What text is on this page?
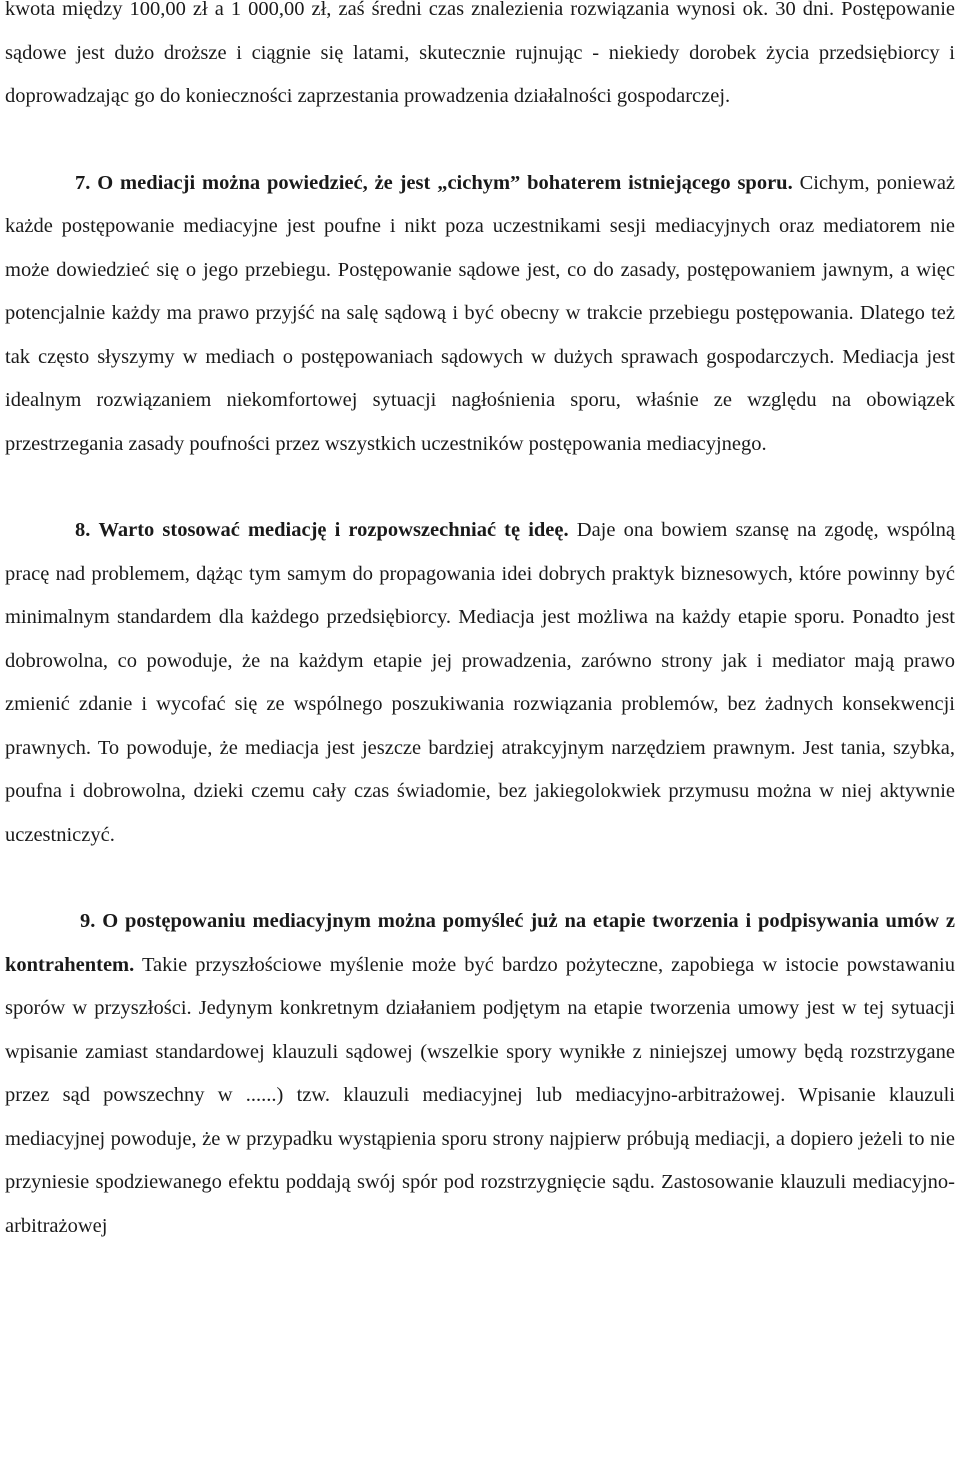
kwota między 100,00 zł a 1 000,00 zł, zaś średni czas znalezienia rozwiązania wynosi ok. 30 dni. Postępowanie sądowe jest dużo droższe i ciągnie się latami, skutecznie rujnując - niekiedy dorobek życia przedsiębiorcy i doprowadzając go do konieczności zaprzestania prowadzenia działalności gospodarczej.

7. O mediacji można powiedzieć, że jest „cichym” bohaterem istniejącego sporu. Cichym, ponieważ każde postępowanie mediacyjne jest poufne i nikt poza uczestnikami sesji mediacyjnych oraz mediatorem nie może dowiedzieć się o jego przebiegu. Postępowanie sądowe jest, co do zasady, postępowaniem jawnym, a więc potencjalnie każdy ma prawo przyjść na salę sądową i być obecny w trakcie przebiegu postępowania. Dlatego też tak często słyszymy w mediach o postępowaniach sądowych w dużych sprawach gospodarczych. Mediacja jest idealnym rozwiązaniem niekomfortowej sytuacji nagłośnienia sporu, właśnie ze względu na obowiązek przestrzegania zasady poufności przez wszystkich uczestników postępowania mediacyjnego.

8. Warto stosować mediację i rozpowszechniać tę ideę. Daje ona bowiem szansę na zgodę, wspólną pracę nad problemem, dążąc tym samym do propagowania idei dobrych praktyk biznesowych, które powinny być minimalnym standardem dla każdego przedsiębiorcy. Mediacja jest możliwa na każdy etapie sporu. Ponadto jest dobrowolna, co powoduje, że na każdym etapie jej prowadzenia, zarówno strony jak i mediator mają prawo zmienić zdanie i wycofać się ze wspólnego poszukiwania rozwiązania problemów, bez żadnych konsekwencji prawnych. To powoduje, że mediacja jest jeszcze bardziej atrakcyjnym narzędziem prawnym. Jest tania, szybka, poufna i dobrowolna, dzieki czemu cały czas świadomie, bez jakiegolokwiek przymusu można w niej aktywnie uczestniczyć.

9. O postępowaniu mediacyjnym można pomyśleć już na etapie tworzenia i podpisywania umów z kontrahentem. Takie przyszłościowe myślenie może być bardzo pożyteczne, zapobiega w istocie powstawaniu sporów w przyszłości. Jedynym konkretnym działaniem podjętym na etapie tworzenia umowy jest w tej sytuacji wpisanie zamiast standardowej klauzuli sądowej (wszelkie spory wynikłe z niniejszej umowy będą rozstrzygane przez sąd powszechny w ......) tzw. klauzuli mediacyjnej lub mediacyjno-arbitrażowej. Wpisanie klauzuli mediacyjnej powoduje, że w przypadku wystąpienia sporu strony najpierw próbują mediacji, a dopiero jeżeli to nie przyniesie spodziewanego efektu poddają swój spór pod rozstrzygnięcie sądu. Zastosowanie klauzuli mediacyjno-arbitrażowej
